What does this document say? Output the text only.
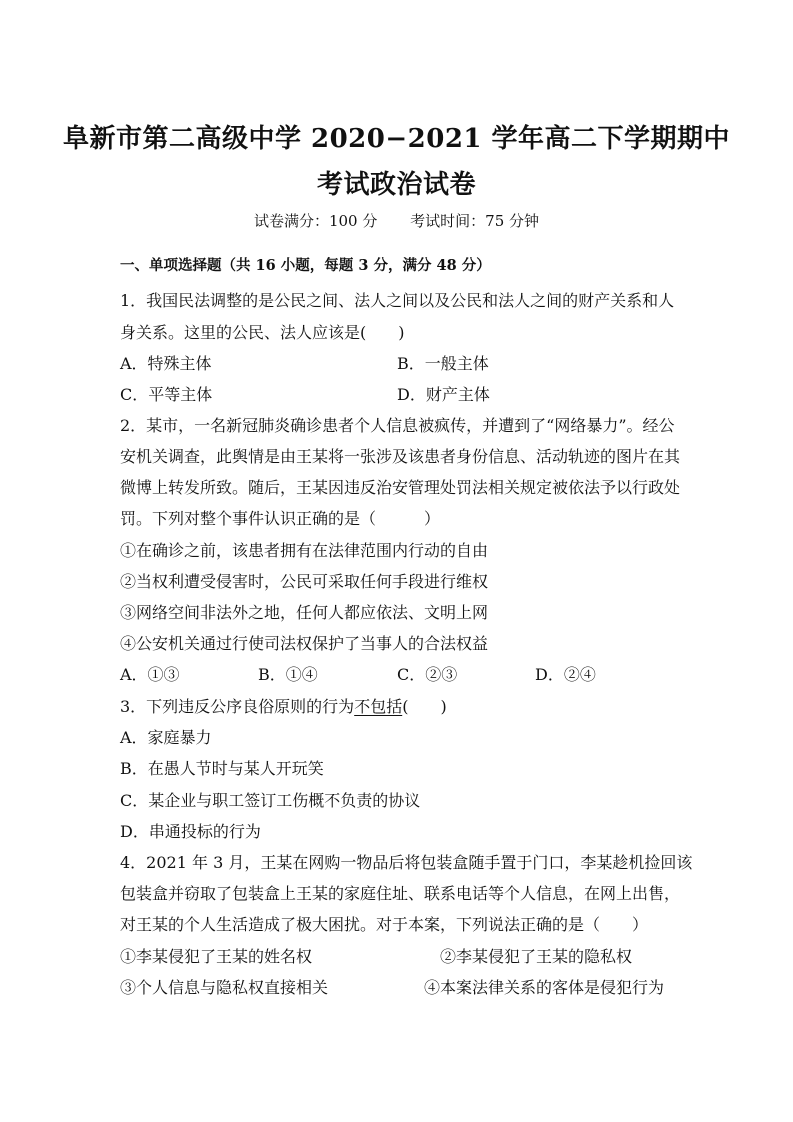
阜新市第二高级中学 2020−2021 学年高二下学期期中
考试政治试卷
试卷满分：100 分 考试时间：75 分钟
一、单项选择题（共 16 小题，每题 3 分，满分 48 分）
1．我国民法调整的是公民之间、法人之间以及公民和法人之间的财产关系和人
身关系。这里的公民、法人应该是(　　)
A．特殊主体	B．一般主体
C．平等主体	D．财产主体
2．某市，一名新冠肺炎确诊患者个人信息被疯传，并遭到了“网络暴力”。经公
安机关调查，此舆情是由王某将一张涉及该患者身份信息、活动轨迹的图片在其
微博上转发所致。随后，王某因违反治安管理处罚法相关规定被依法予以行政处
罚。下列对整个事件认识正确的是（　　　）
①在确诊之前，该患者拥有在法律范围内行动的自由
②当权利遭受侵害时，公民可采取任何手段进行维权
③网络空间非法外之地，任何人都应依法、文明上网
④公安机关通过行使司法权保护了当事人的合法权益
A．①③	B．①④	C．②③	D．②④
3．下列违反公序良俗原则的行为不包括(　　)
A．家庭暴力
B．在愚人节时与某人开玩笑
C．某企业与职工签订工伤概不负责的协议
D．串通投标的行为
4．2021 年 3 月，王某在网购一物品后将包装盒随手置于门口，李某趁机捡回该
包装盒并窃取了包装盒上王某的家庭住址、联系电话等个人信息，在网上出售，
对王某的个人生活造成了极大困扰。对于本案，下列说法正确的是（　　）
①李某侵犯了王某的姓名权	②李某侵犯了王某的隐私权
③个人信息与隐私权直接相关	④本案法律关系的客体是侵犯行为
